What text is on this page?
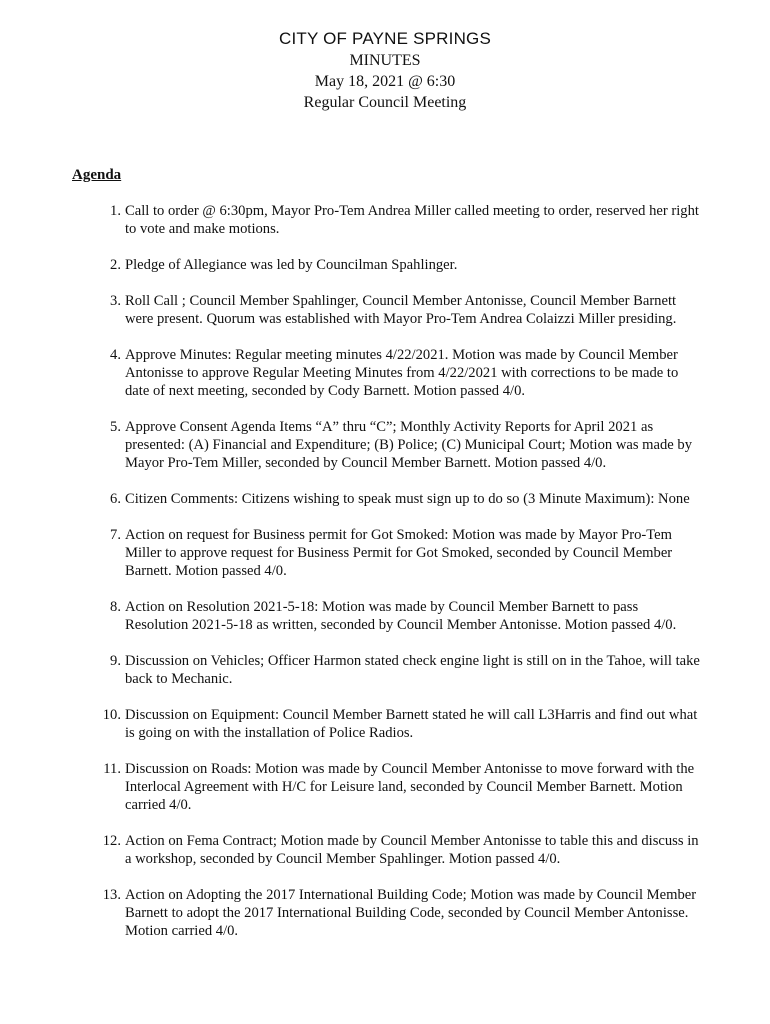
CITY OF PAYNE SPRINGS
MINUTES
May 18, 2021 @ 6:30
Regular Council Meeting
Agenda
1. Call to order @ 6:30pm, Mayor Pro-Tem Andrea Miller called meeting to order, reserved her right to vote and make motions.
2. Pledge of Allegiance was led by Councilman Spahlinger.
3. Roll Call ; Council Member Spahlinger, Council Member Antonisse, Council Member Barnett were present. Quorum was established with Mayor Pro-Tem Andrea Colaizzi Miller presiding.
4. Approve Minutes: Regular meeting minutes 4/22/2021. Motion was made by Council Member Antonisse to approve Regular Meeting Minutes from 4/22/2021 with corrections to be made to date of next meeting, seconded by Cody Barnett. Motion passed 4/0.
5. Approve Consent Agenda Items “A” thru “C”; Monthly Activity Reports for April 2021 as presented: (A) Financial and Expenditure; (B) Police; (C) Municipal Court; Motion was made by Mayor Pro-Tem Miller, seconded by Council Member Barnett. Motion passed 4/0.
6. Citizen Comments: Citizens wishing to speak must sign up to do so (3 Minute Maximum): None
7. Action on request for Business permit for Got Smoked: Motion was made by Mayor Pro-Tem Miller to approve request for Business Permit for Got Smoked, seconded by Council Member Barnett. Motion passed 4/0.
8. Action on Resolution 2021-5-18: Motion was made by Council Member Barnett to pass Resolution 2021-5-18 as written, seconded by Council Member Antonisse. Motion passed 4/0.
9. Discussion on Vehicles; Officer Harmon stated check engine light is still on in the Tahoe, will take back to Mechanic.
10. Discussion on Equipment: Council Member Barnett stated he will call L3Harris and find out what is going on with the installation of Police Radios.
11. Discussion on Roads: Motion was made by Council Member Antonisse to move forward with the Interlocal Agreement with H/C for Leisure land, seconded by Council Member Barnett. Motion carried 4/0.
12. Action on Fema Contract; Motion made by Council Member Antonisse to table this and discuss in a workshop, seconded by Council Member Spahlinger. Motion passed 4/0.
13. Action on Adopting the 2017 International Building Code; Motion was made by Council Member Barnett to adopt the 2017 International Building Code, seconded by Council Member Antonisse. Motion carried 4/0.
